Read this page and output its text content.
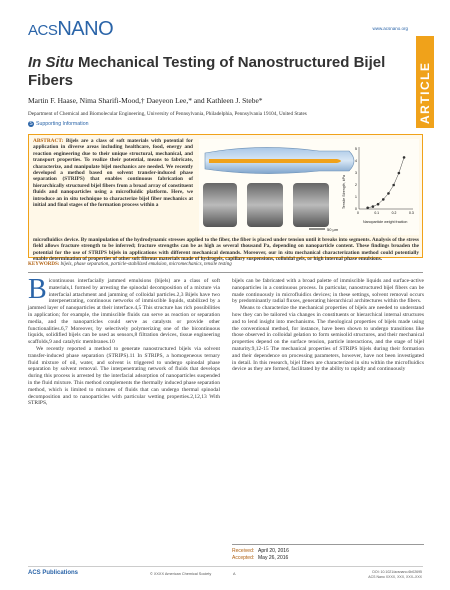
ACSNANO	www.acsnano.org
ARTICLE
In Situ Mechanical Testing of Nanostructured Bijel Fibers
Martin F. Haase, Nima Sharifi-Mood,† Daeyeon Lee,* and Kathleen J. Stebe*
Department of Chemical and Biomolecular Engineering, University of Pennsylvania, Philadelphia, Pennsylvania 19104, United States
S Supporting Information
ABSTRACT: Bijels are a class of soft materials with potential for application in diverse areas including healthcare, food, energy and reaction engineering due to their unique structural, mechanical, and transport properties. To realize their potential, means to fabricate, characterize, and manipulate bijel mechanics are needed. We recently developed a method based on solvent transfer-induced phase separation (STRIPS) that enables continuous fabrication of hierarchically structured bijel fibers from a broad array of constituent fluids and nanoparticles using a microfluidic platform. Here, we introduce an in situ technique to characterize bijel fiber mechanics at initial and final stages of the formation process within a
50 μm
Tensile Strength, kPa
Nanoparticle weight fraction
0
1
2
3
4
5
0	0.1	0.2	0.3
microfluidics device. By manipulation of the hydrodynamic stresses applied to the fiber, the fiber is placed under tension until it breaks into segments. Analysis of the stress field allows fracture strength to be inferred; fracture strengths can be as high as several thousand Pa, depending on nanoparticle content. These findings broaden the potential for the use of STRIPS bijels in applications with different mechanical demands. Moreover, our in situ mechanical characterization method could potentially enable determination of properties of other soft fibrous materials made of hydrogels, capillary suspensions, colloidal gels, or high internal phase emulsions.
KEYWORDS: bijels, phase separation, particle-stabilized emulsion, micromechanics, tensile testing

Bicontinuous interfacially jammed emulsions (bijels) are a class of soft materials,1 formed by arresting the spinodal decomposition of a mixture via interfacial attachment and jamming of colloidal particles.2,3 Bijels have two interpenetrating, continuous networks of immiscible liquids, stabilized by a jammed layer of nanoparticles at their interface.4,5 This structure has rich possibilities in application; for example, the immiscible fluids can serve as reaction or separation media, and the nanoparticles could serve as catalysts or provide other functionalities.6,7 Moreover, by selectively polymerizing one of the bicontinuous liquids, solidified bijels can be used as sensors,8 filtration devices, tissue engineering scaffolds,9 and catalytic membranes.10

We recently reported a method to generate nanostructured bijels via solvent transfer-induced phase separation (STRIPS).11 In STRIPS, a homogeneous ternary fluid mixture of oil, water, and solvent is triggered to undergo spinodal phase separation by solvent removal. The interpenetrating network of fluids that develops during this process is arrested by the interfacial adsorption of nanoparticles suspended in the fluid mixture. This method complements the thermally induced phase separation method, which is limited to mixtures of fluids that can undergo thermal spinodal decomposition and to nanoparticles with particular wetting properties.2,12,13 With STRIPS,

bijels can be fabricated with a broad palette of immiscible liquids and surface-active nanoparticles in a continuous process. In particular, nanostructured bijel fibers can be made continuously in microfluidics devices; in these settings, solvent removal occurs by predominantly radial fluxes, generating hierarchical architectures within the fibers.

Means to characterize the mechanical properties of bijels are needed to understand how they can be tailored via changes in constituents or hierarchical internal structures and to lend insight into mechanisms. The rheological properties of bijels made using the conventional method, for instance, have been shown to undergo transitions like those observed in colloidal gelation to form semisolid structures, and their mechanical properties depend on the surface tension, particle interactions, and the stage of bijel maturity.9,12-15 The mechanical properties of STRIPS bijels during their formation and their dependence on processing parameters, however, have not been investigated in detail. In this research, bijel fibers are characterized in situ within the microfluidics device as they are formed, facilitated by the ability to rapidly and continuously

Received: April 20, 2016
Accepted: May 26, 2016
ACS Publications	© XXXX American Chemical Society	A	DOI: 10.1021/acsnano.6b02695
ACS Nano XXXX, XXX, XXX–XXX
